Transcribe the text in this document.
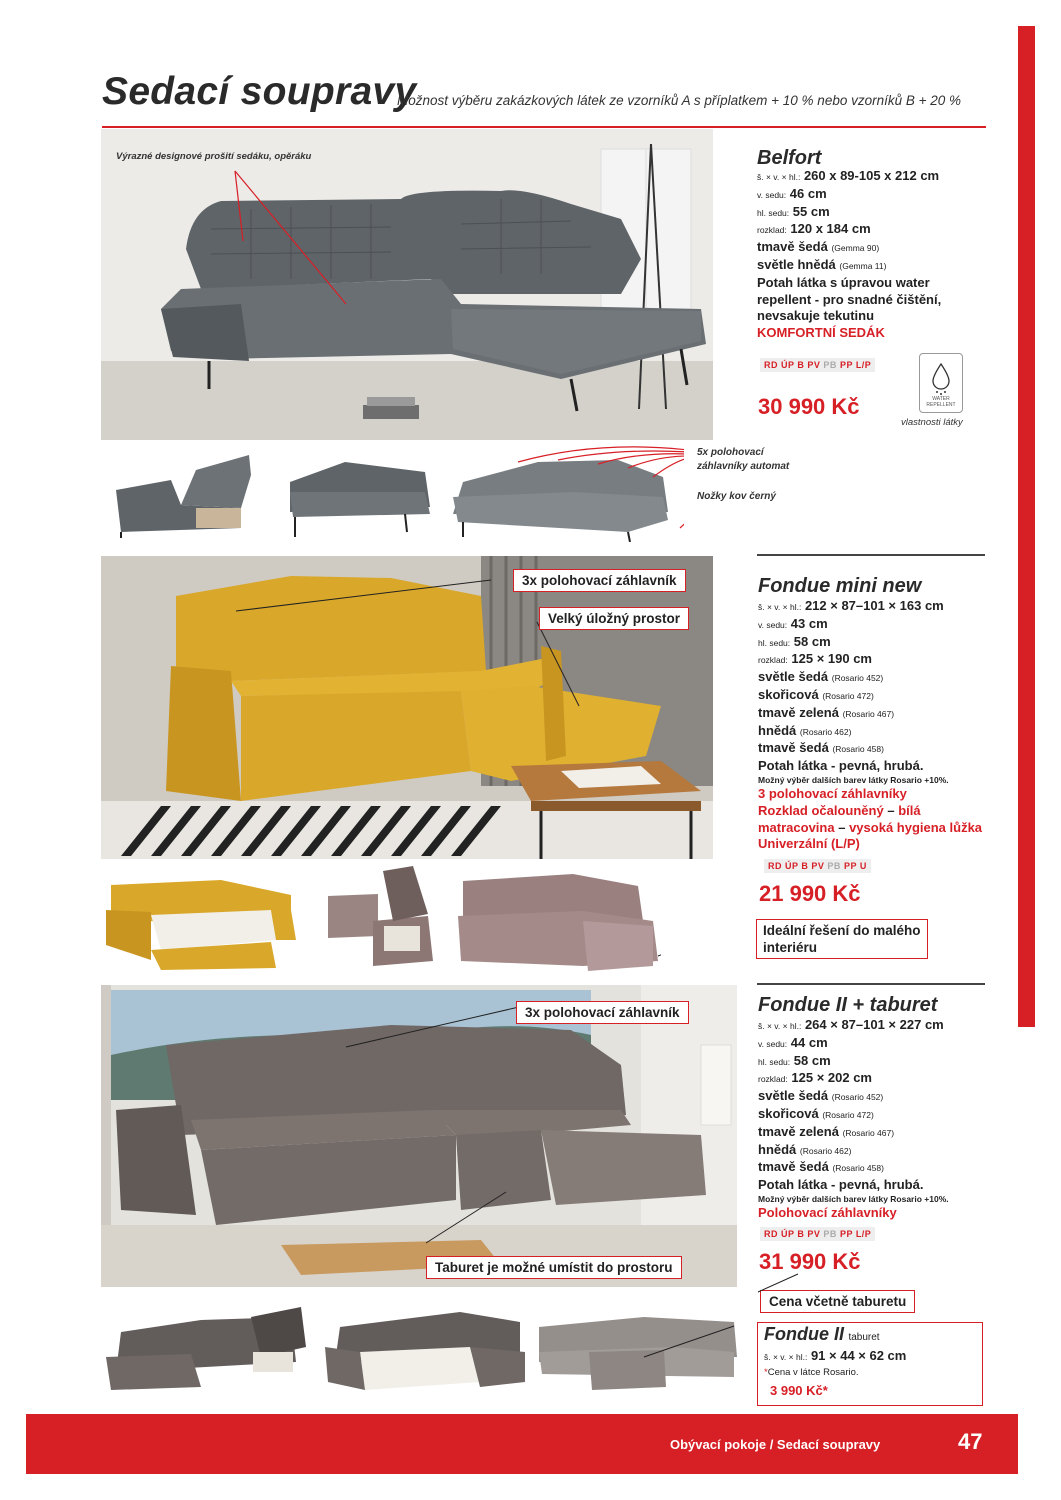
Sedací soupravy
Možnost výběru zakázkových látek ze vzorníků A s příplatkem + 10 % nebo vzorníků B + 20 %
Výrazné designové prošití sedáku, opěráku	Belfort
š. × v. × hl.: 260 x 89-105 x 212 cm
v. sedu: 46 cm
hl. sedu: 55 cm
rozklad: 120 x 184 cm
tmavě šedá (Gemma 90)
světle hnědá (Gemma 11)
Potah látka s úpravou water
repellent - pro snadné čištění,
nevsakuje tekutinu
KOMFORTNÍ SEDÁK
RD ÚP B PV PB PP L/P
30 990 Kč	WATER REPELLENT
vlastnosti látky
5x polohovací
záhlavníky automat
Nožky kov černý
3x polohovací záhlavník
Velký úložný prostor
Fondue mini new
š. × v. × hl.: 212 × 87–101 × 163 cm
v. sedu: 43 cm
hl. sedu: 58 cm
rozklad: 125 × 190 cm
světle šedá (Rosario 452)
skořicová (Rosario 472)
tmavě zelená (Rosario 467)
hnědá (Rosario 462)
tmavě šedá (Rosario 458)
Potah látka - pevná, hrubá.
Možný výběr dalších barev látky Rosario +10%.
3 polohovací záhlavníky
Rozklad očalouněný – bílá
matracovina – vysoká hygiena lůžka
Univerzální (L/P)
RD ÚP B PV PB PP U
21 990 Kč
Ideální řešení do malého
interiéru
3x polohovací záhlavník
Taburet je možné umístit do prostoru
Fondue II + taburet
š. × v. × hl.: 264 × 87–101 × 227 cm
v. sedu: 44 cm
hl. sedu: 58 cm
rozklad: 125 × 202 cm
světle šedá (Rosario 452)
skořicová (Rosario 472)
tmavě zelená (Rosario 467)
hnědá (Rosario 462)
tmavě šedá (Rosario 458)
Potah látka - pevná, hrubá.
Možný výběr dalších barev látky Rosario +10%.
Polohovací záhlavníky
RD ÚP B PV PB PP L/P
31 990 Kč
Cena včetně taburetu
Fondue II taburet
š. × v. × hl.: 91 × 44 × 62 cm
*Cena v látce Rosario.
3 990 Kč*
Obývací pokoje / Sedací soupravy	47
